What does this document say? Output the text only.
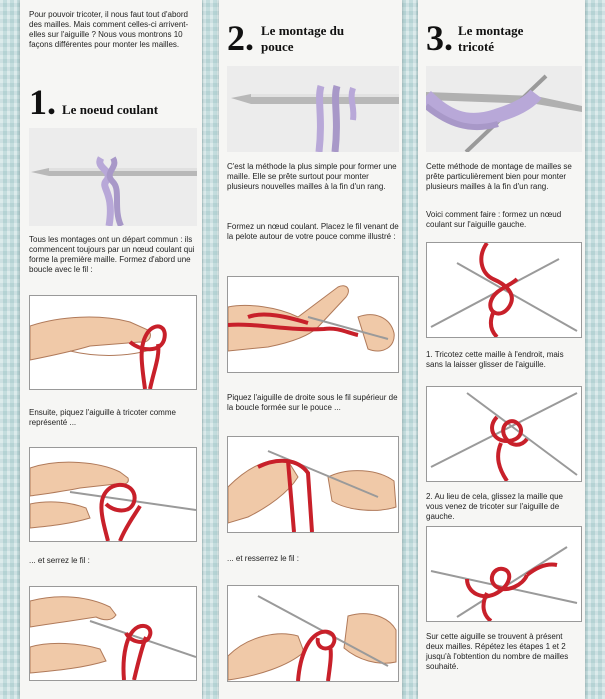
Pour pouvoir tricoter, il nous faut tout d'abord des mailles. Mais comment celles-ci arrivent-elles sur l'aiguille ? Nous vous montrons 10 façons différentes pour monter les mailles.
1. Le noeud coulant
Tous les montages ont un départ commun : ils commencent toujours par un nœud coulant qui forme la première maille. Formez d'abord une boucle avec le fil :
Ensuite, piquez l'aiguille à tricoter comme représenté ...
... et serrez le fil :
2. Le montage du
pouce
C'est la méthode la plus simple pour former une maille. Elle se prête surtout pour monter plusieurs nouvelles mailles à la fin d'un rang.
Formez un nœud coulant. Placez le fil venant de la pelote autour de votre pouce comme illustré :
Piquez l'aiguille de droite sous le fil supérieur de la boucle formée sur le pouce ...
... et resserrez le fil :
3. Le montage
tricoté
Cette méthode de montage de mailles se prête particulièrement bien pour monter plusieurs mailles à la fin d'un rang.
Voici comment faire : formez un nœud coulant sur l'aiguille gauche.
1. Tricotez cette maille à l'endroit, mais sans la laisser glisser de l'aiguille.
2. Au lieu de cela, glissez la maille que vous venez de tricoter sur l'aiguille de gauche.
Sur cette aiguille se trouvent à présent deux mailles. Répétez les étapes 1 et 2 jusqu'à l'obtention du nombre de mailles souhaité.
